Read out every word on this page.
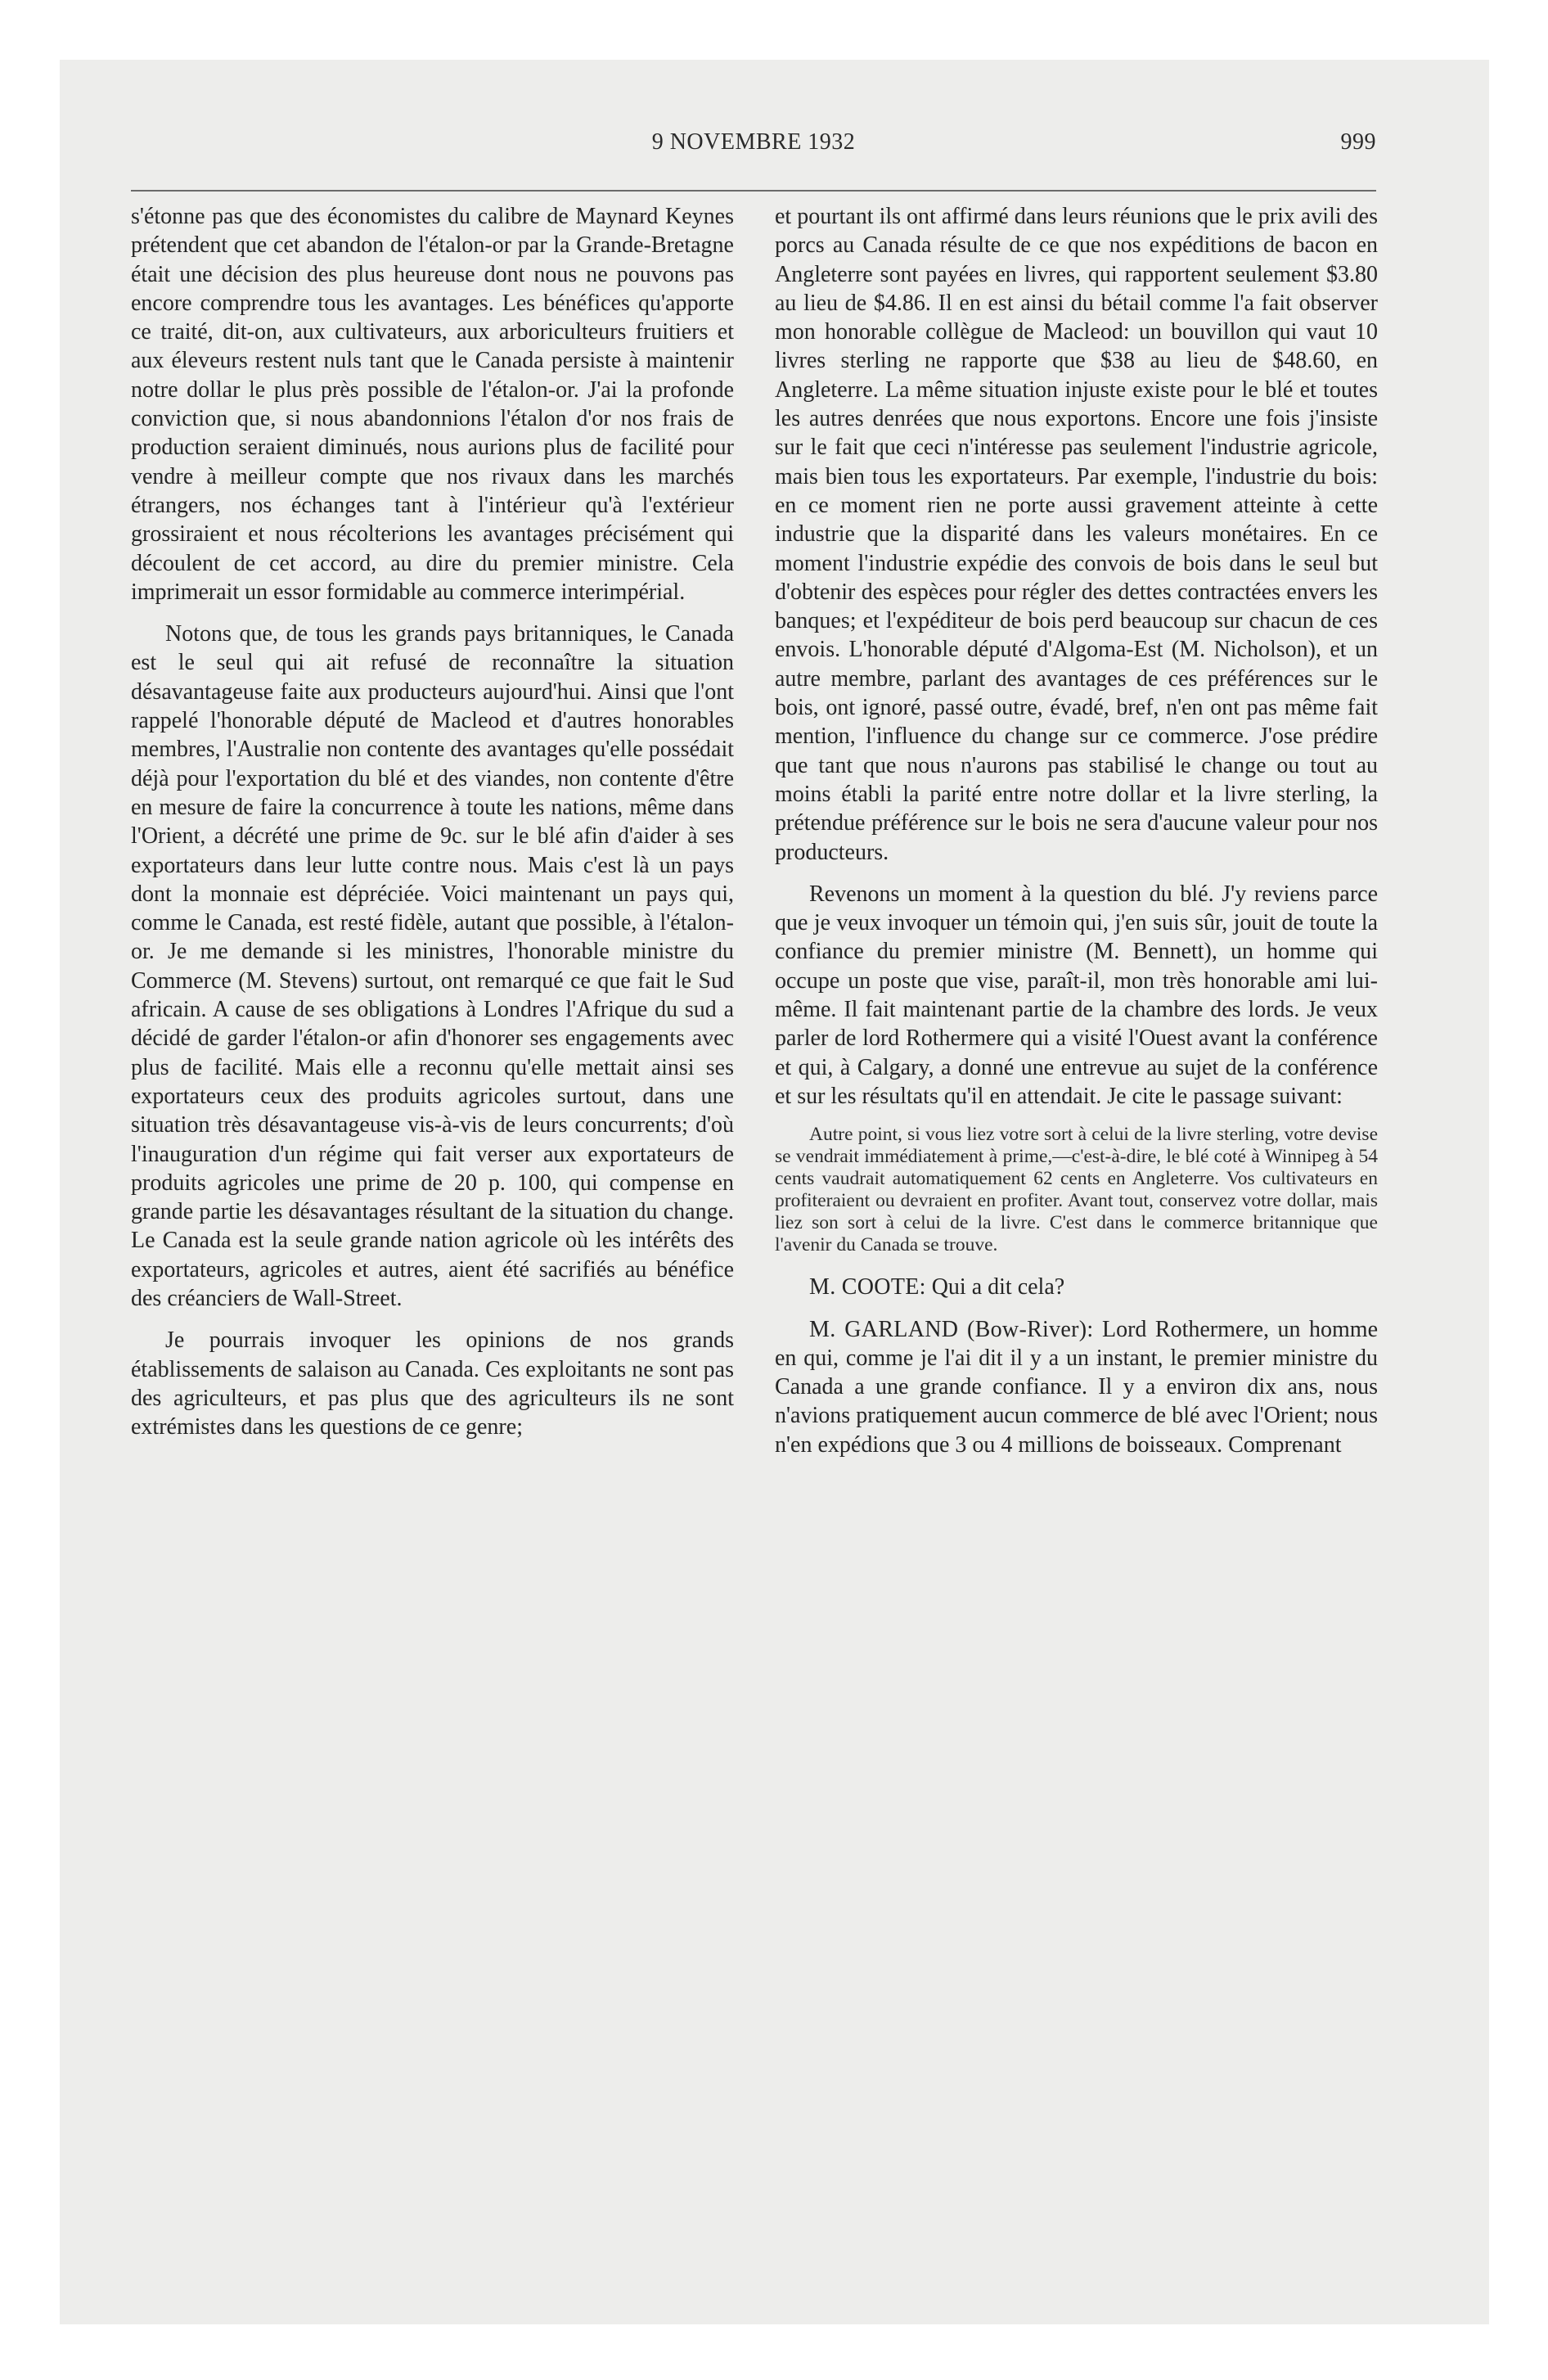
9 NOVEMBRE 1932	999

s'étonne pas que des économistes du calibre de Maynard Keynes prétendent que cet abandon de l'étalon-or par la Grande-Bretagne était une décision des plus heureuse dont nous ne pouvons pas encore comprendre tous les avantages. Les bénéfices qu'apporte ce traité, dit-on, aux cultivateurs, aux arboriculteurs fruitiers et aux éleveurs restent nuls tant que le Canada persiste à maintenir notre dollar le plus près possible de l'étalon-or. J'ai la profonde conviction que, si nous abandonnions l'étalon d'or nos frais de production seraient diminués, nous aurions plus de facilité pour vendre à meilleur compte que nos rivaux dans les marchés étrangers, nos échanges tant à l'intérieur qu'à l'extérieur grossiraient et nous récolterions les avantages précisément qui découlent de cet accord, au dire du premier ministre. Cela imprimerait un essor formidable au commerce interimpérial.

Notons que, de tous les grands pays britanniques, le Canada est le seul qui ait refusé de reconnaître la situation désavantageuse faite aux producteurs aujourd'hui. Ainsi que l'ont rappelé l'honorable député de Macleod et d'autres honorables membres, l'Australie non contente des avantages qu'elle possédait déjà pour l'exportation du blé et des viandes, non contente d'être en mesure de faire la concurrence à toute les nations, même dans l'Orient, a décrété une prime de 9c. sur le blé afin d'aider à ses exportateurs dans leur lutte contre nous. Mais c'est là un pays dont la monnaie est dépréciée. Voici maintenant un pays qui, comme le Canada, est resté fidèle, autant que possible, à l'étalon-or. Je me demande si les ministres, l'honorable ministre du Commerce (M. Stevens) surtout, ont remarqué ce que fait le Sud africain. A cause de ses obligations à Londres l'Afrique du sud a décidé de garder l'étalon-or afin d'honorer ses engagements avec plus de facilité. Mais elle a reconnu qu'elle mettait ainsi ses exportateurs ceux des produits agricoles surtout, dans une situation très désavantageuse vis-à-vis de leurs concurrents; d'où l'inauguration d'un régime qui fait verser aux exportateurs de produits agricoles une prime de 20 p. 100, qui compense en grande partie les désavantages résultant de la situation du change. Le Canada est la seule grande nation agricole où les intérêts des exportateurs, agricoles et autres, aient été sacrifiés au bénéfice des créanciers de Wall-Street.

Je pourrais invoquer les opinions de nos grands établissements de salaison au Canada. Ces exploitants ne sont pas des agriculteurs, et pas plus que des agriculteurs ils ne sont extrémistes dans les questions de ce genre;

et pourtant ils ont affirmé dans leurs réunions que le prix avili des porcs au Canada résulte de ce que nos expéditions de bacon en Angleterre sont payées en livres, qui rapportent seulement $3.80 au lieu de $4.86. Il en est ainsi du bétail comme l'a fait observer mon honorable collègue de Macleod: un bouvillon qui vaut 10 livres sterling ne rapporte que $38 au lieu de $48.60, en Angleterre. La même situation injuste existe pour le blé et toutes les autres denrées que nous exportons. Encore une fois j'insiste sur le fait que ceci n'intéresse pas seulement l'industrie agricole, mais bien tous les exportateurs. Par exemple, l'industrie du bois: en ce moment rien ne porte aussi gravement atteinte à cette industrie que la disparité dans les valeurs monétaires. En ce moment l'industrie expédie des convois de bois dans le seul but d'obtenir des espèces pour régler des dettes contractées envers les banques; et l'expéditeur de bois perd beaucoup sur chacun de ces envois. L'honorable député d'Algoma-Est (M. Nicholson), et un autre membre, parlant des avantages de ces préférences sur le bois, ont ignoré, passé outre, évadé, bref, n'en ont pas même fait mention, l'influence du change sur ce commerce. J'ose prédire que tant que nous n'aurons pas stabilisé le change ou tout au moins établi la parité entre notre dollar et la livre sterling, la prétendue préférence sur le bois ne sera d'aucune valeur pour nos producteurs.

Revenons un moment à la question du blé. J'y reviens parce que je veux invoquer un témoin qui, j'en suis sûr, jouit de toute la confiance du premier ministre (M. Bennett), un homme qui occupe un poste que vise, paraît-il, mon très honorable ami lui-même. Il fait maintenant partie de la chambre des lords. Je veux parler de lord Rothermere qui a visité l'Ouest avant la conférence et qui, à Calgary, a donné une entrevue au sujet de la conférence et sur les résultats qu'il en attendait. Je cite le passage suivant:

Autre point, si vous liez votre sort à celui de la livre sterling, votre devise se vendrait immédiatement à prime,—c'est-à-dire, le blé coté à Winnipeg à 54 cents vaudrait automatiquement 62 cents en Angleterre. Vos cultivateurs en profiteraient ou devraient en profiter. Avant tout, conservez votre dollar, mais liez son sort à celui de la livre. C'est dans le commerce britannique que l'avenir du Canada se trouve.

M. COOTE: Qui a dit cela?

M. GARLAND (Bow-River): Lord Rothermere, un homme en qui, comme je l'ai dit il y a un instant, le premier ministre du Canada a une grande confiance. Il y a environ dix ans, nous n'avions pratiquement aucun commerce de blé avec l'Orient; nous n'en expédions que 3 ou 4 millions de boisseaux. Comprenant
